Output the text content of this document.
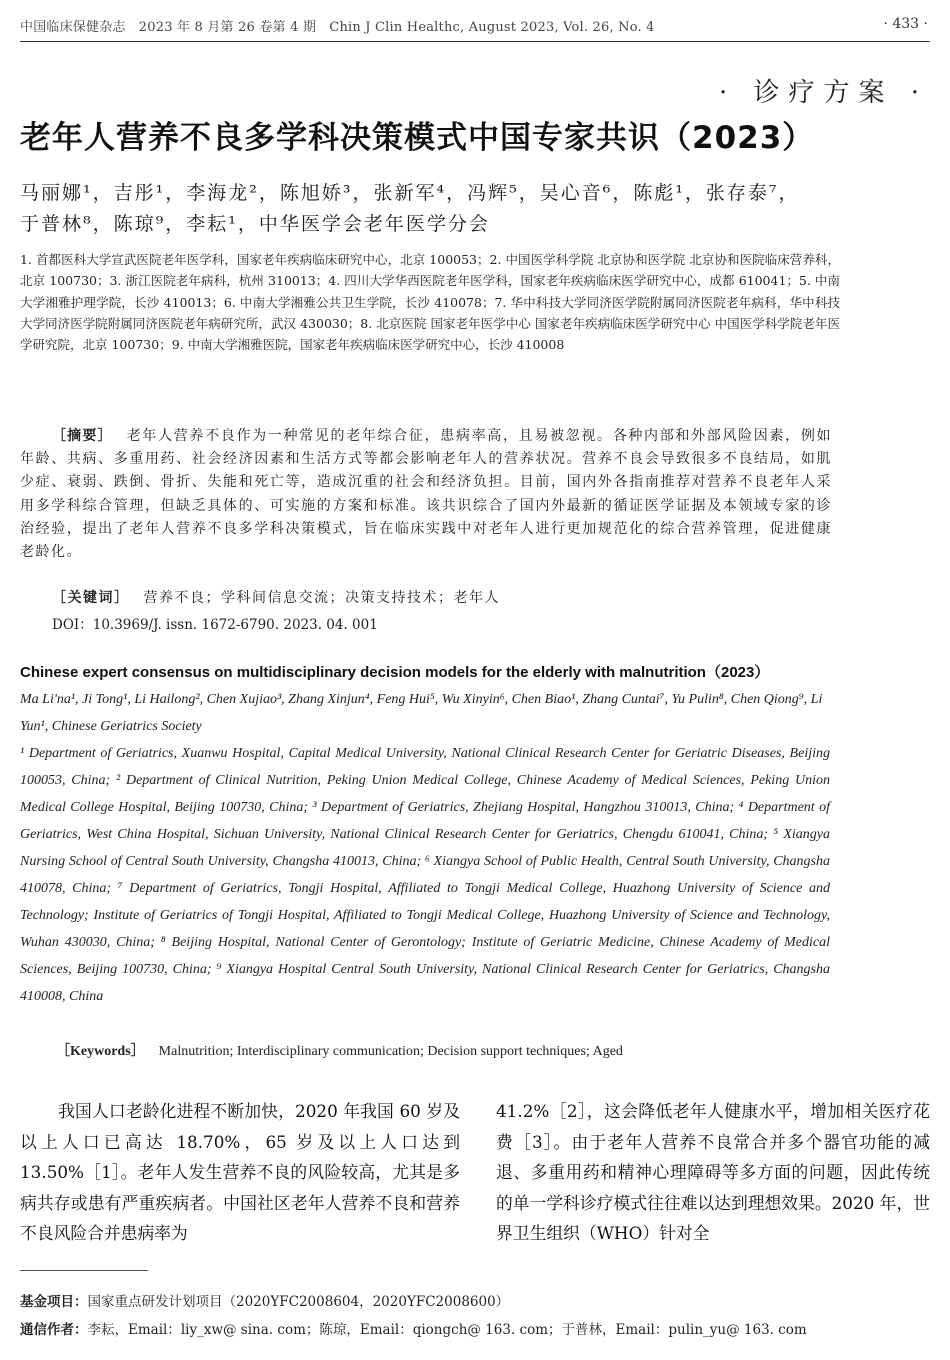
中国临床保健杂志　2023 年 8 月第 26 卷第 4 期　Chin J Clin Healthc, August 2023, Vol. 26, No. 4	· 433 ·
· 诊疗方案 ·
老年人营养不良多学科决策模式中国专家共识（2023）
马丽娜¹，吉彤¹，李海龙²，陈旭娇³，张新军⁴，冯辉⁵，吴心音⁶，陈彪¹，张存泰⁷，
于普林⁸，陈琼⁹，李耘¹，中华医学会老年医学分会
1. 首都医科大学宣武医院老年医学科，国家老年疾病临床研究中心，北京 100053；2. 中国医学科学院 北京协和医学院 北京协和医院临床营养科，北京 100730；3. 浙江医院老年病科，杭州 310013；4. 四川大学华西医院老年医学科，国家老年疾病临床医学研究中心，成都 610041；5. 中南大学湘雅护理学院，长沙 410013；6. 中南大学湘雅公共卫生学院，长沙 410078；7. 华中科技大学同济医学院附属同济医院老年病科，华中科技大学同济医学院附属同济医院老年病研究所，武汉 430030；8. 北京医院 国家老年医学中心 国家老年疾病临床医学研究中心 中国医学科学院老年医学研究院，北京 100730；9. 中南大学湘雅医院，国家老年疾病临床医学研究中心，长沙 410008
［摘要］ 老年人营养不良作为一种常见的老年综合征，患病率高，且易被忽视。各种内部和外部风险因素，例如年龄、共病、多重用药、社会经济因素和生活方式等都会影响老年人的营养状况。营养不良会导致很多不良结局，如肌少症、衰弱、跌倒、骨折、失能和死亡等，造成沉重的社会和经济负担。目前，国内外各指南推荐对营养不良老年人采用多学科综合管理，但缺乏具体的、可实施的方案和标准。该共识综合了国内外最新的循证医学证据及本领域专家的诊治经验，提出了老年人营养不良多学科决策模式，旨在临床实践中对老年人进行更加规范化的综合营养管理，促进健康老龄化。
［关键词］ 营养不良；学科间信息交流；决策支持技术；老年人
DOI：10.3969/J. issn. 1672-6790. 2023. 04. 001
Chinese expert consensus on multidisciplinary decision models for the elderly with malnutrition（2023）
Ma Li'na¹, Ji Tong¹, Li Hailong², Chen Xujiao³, Zhang Xinjun⁴, Feng Hui⁵, Wu Xinyin⁶, Chen Biao¹, Zhang Cuntai⁷, Yu Pulin⁸, Chen Qiong⁹, Li Yun¹, Chinese Geriatrics Society
¹ Department of Geriatrics, Xuanwu Hospital, Capital Medical University, National Clinical Research Center for Geriatric Diseases, Beijing 100053, China; ² Department of Clinical Nutrition, Peking Union Medical College, Chinese Academy of Medical Sciences, Peking Union Medical College Hospital, Beijing 100730, China; ³ Department of Geriatrics, Zhejiang Hospital, Hangzhou 310013, China; ⁴ Department of Geriatrics, West China Hospital, Sichuan University, National Clinical Research Center for Geriatrics, Chengdu 610041, China; ⁵ Xiangya Nursing School of Central South University, Changsha 410013, China; ⁶ Xiangya School of Public Health, Central South University, Changsha 410078, China; ⁷ Department of Geriatrics, Tongji Hospital, Affiliated to Tongji Medical College, Huazhong University of Science and Technology; Institute of Geriatrics of Tongji Hospital, Affiliated to Tongji Medical College, Huazhong University of Science and Technology, Wuhan 430030, China; ⁸ Beijing Hospital, National Center of Gerontology; Institute of Geriatric Medicine, Chinese Academy of Medical Sciences, Beijing 100730, China; ⁹ Xiangya Hospital Central South University, National Clinical Research Center for Geriatrics, Changsha 410008, China
［Keywords］ Malnutrition; Interdisciplinary communication; Decision support techniques; Aged
我国人口老龄化进程不断加快，2020 年我国 60 岁及以上人口已高达 18.70%，65 岁及以上人口达到 13.50%［1］。老年人发生营养不良的风险较高，尤其是多病共存或患有严重疾病者。中国社区老年人营养不良和营养不良风险合并患病率为
41.2%［2］，这会降低老年人健康水平，增加相关医疗花费［3］。由于老年人营养不良常合并多个器官功能的减退、多重用药和精神心理障碍等多方面的问题，因此传统的单一学科诊疗模式往往难以达到理想效果。2020 年，世界卫生组织（WHO）针对全
基金项目：国家重点研发计划项目（2020YFC2008604，2020YFC2008600）
通信作者：李耘，Email：liy_xw@ sina. com；陈琼，Email：qiongch@ 163. com；于普林，Email：pulin_yu@ 163. com
